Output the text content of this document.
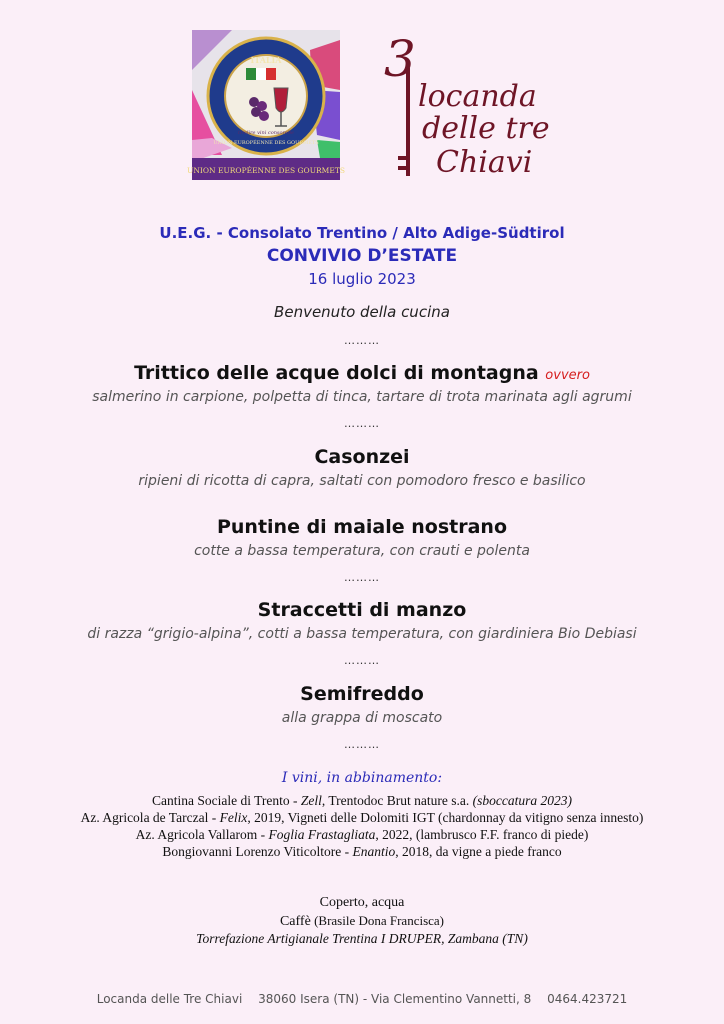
ITALIA
UNION EUROPÉENNE DES GOURMETS
tirelire vini consorelle
UNION EUROPÉENNE DES GOURMETS
3
locanda
delle tre
Chiavi
U.E.G. - Consolato Trentino / Alto Adige-Südtirol
CONVIVIO D’ESTATE
16 luglio 2023
Benvenuto della cucina
………
Trittico delle acque dolci di montagna ovvero
salmerino in carpione, polpetta di tinca, tartare di trota marinata agli agrumi
………
Casonzei
ripieni di ricotta di capra, saltati con pomodoro fresco e basilico
Puntine di maiale nostrano
cotte a bassa temperatura, con crauti e polenta
………
Straccetti di manzo
di razza “grigio-alpina”, cotti a bassa temperatura, con giardiniera Bio Debiasi
………
Semifreddo
alla grappa di moscato
………
I vini, in abbinamento:
Cantina Sociale di Trento - Zell, Trentodoc Brut nature s.a. (sboccatura 2023)
Az. Agricola de Tarczal - Felix, 2019, Vigneti delle Dolomiti IGT (chardonnay da vitigno senza innesto)
Az. Agricola Vallarom - Foglia Frastagliata, 2022, (lambrusco F.F. franco di piede)
Bongiovanni Lorenzo Viticoltore - Enantio, 2018, da vigne a piede franco
Coperto, acqua
Caffè (Brasile Dona Francisca)
Torrefazione Artigianale Trentina I DRUPER, Zambana (TN)
Locanda delle Tre Chiavi 38060 Isera (TN) - Via Clementino Vannetti, 8 0464.423721
